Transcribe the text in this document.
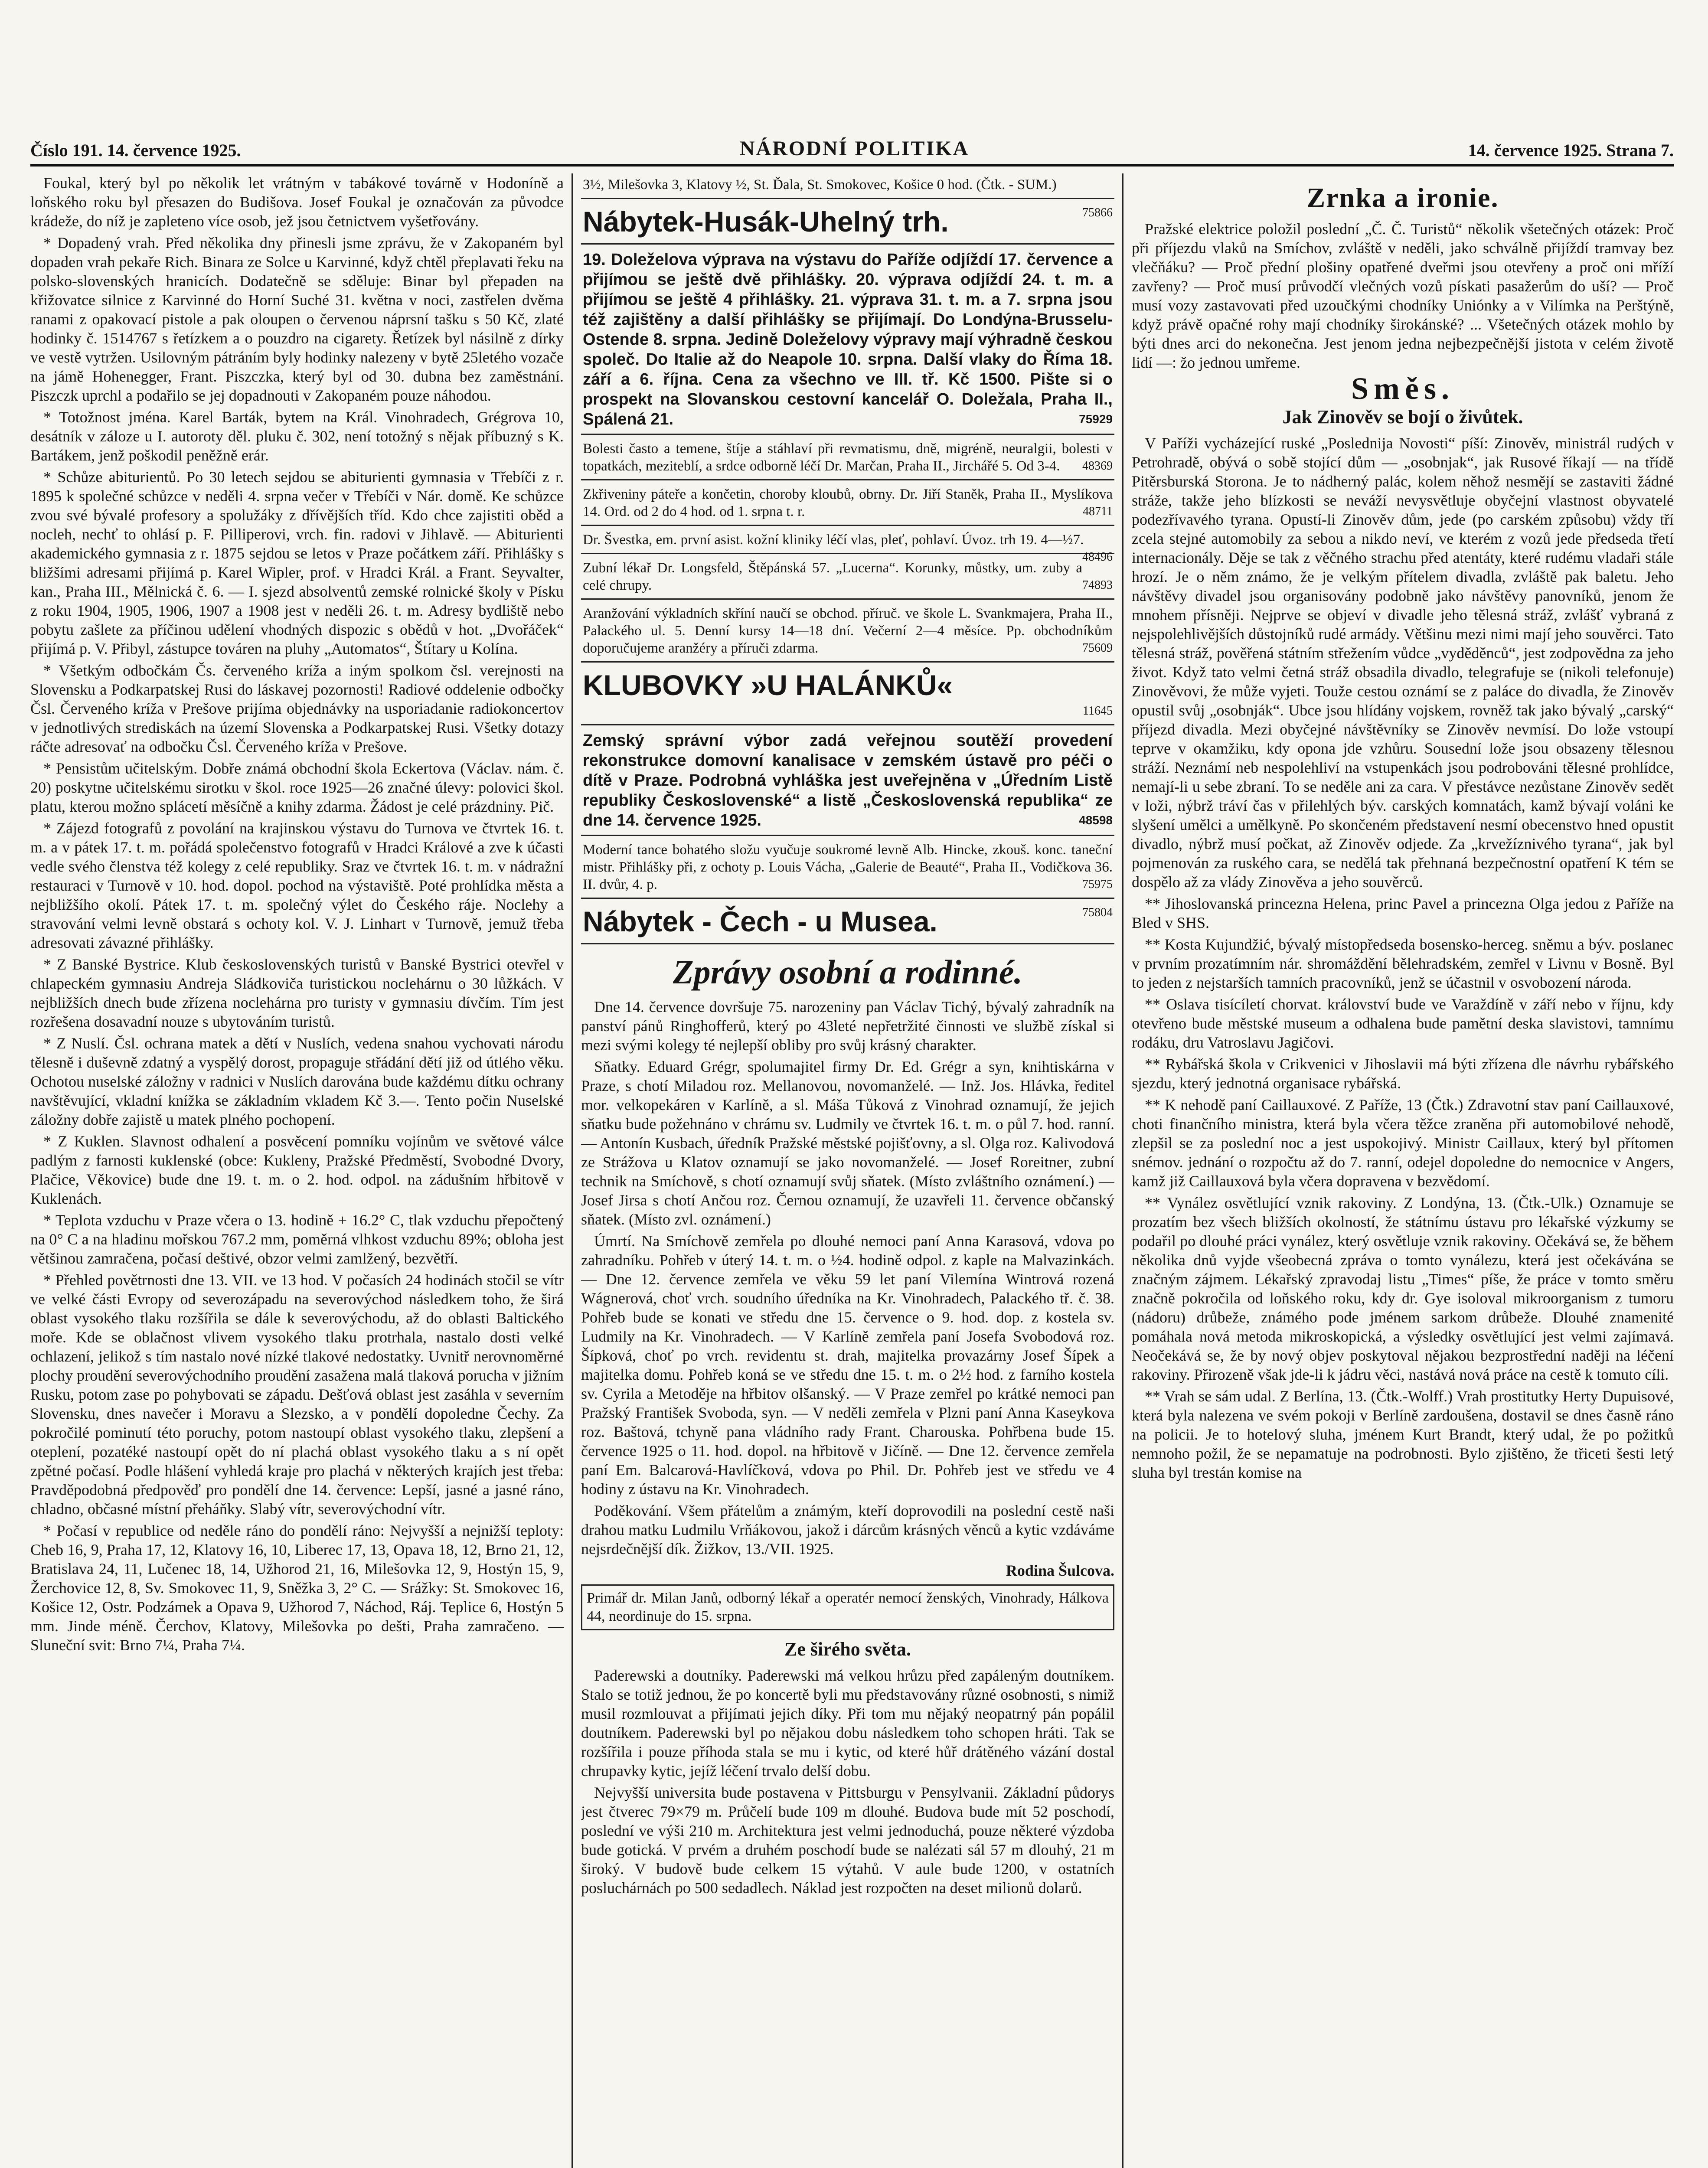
Číslo 191. 14. července 1925.	NÁRODNÍ POLITIKA	14. července 1925. Strana 7.

Foukal, který byl po několik let vrátným v tabákové továrně v Hodoníně a loňského roku byl přesazen do Budišova. Josef Foukal je označován za původce krádeže, do níž je zapleteno více osob, jež jsou četnictvem vyšetřovány.

* Dopadený vrah. Před několika dny přinesli jsme zprávu, že v Zakopaném byl dopaden vrah pekaře Rich. Binara ze Solce u Karvinné, když chtěl přeplavati řeku na polsko-slovenských hranicích. Dodatečně se sděluje: Binar byl přepaden na křižovatce silnice z Karvinné do Horní Suché 31. května v noci, zastřelen dvěma ranami z opakovací pistole a pak oloupen o červenou náprsní tašku s 50 Kč, zlaté hodinky č. 1514767 s řetízkem a o pouzdro na cigarety. Řetízek byl násilně z dírky ve vestě vytržen. Usilovným pátráním byly hodinky nalezeny v bytě 25letého vozače na jámě Hohenegger, Frant. Piszczka, který byl od 30. dubna bez zaměstnání. Piszczk uprchl a podařilo se jej dopadnouti v Zakopaném pouze náhodou.

* Totožnost jména. Karel Barták, bytem na Král. Vinohradech, Grégrova 10, desátník v záloze u I. autoroty děl. pluku č. 302, není totožný s nějak příbuzný s K. Bartákem, jenž poškodil peněžně erár.

* Schůze abiturientů. Po 30 letech sejdou se abiturienti gymnasia v Třebíči z r. 1895 k společné schůzce v neděli 4. srpna večer v Třebíči v Nár. domě. Ke schůzce zvou své bývalé profesory a spolužáky z dřívějších tříd. Kdo chce zajistiti oběd a nocleh, nechť to ohlásí p. F. Pilliperovi, vrch. fin. radovi v Jihlavě. — Abiturienti akademického gymnasia z r. 1875 sejdou se letos v Praze počátkem září. Přihlášky s bližšími adresami přijímá p. Karel Wipler, prof. v Hradci Král. a Frant. Seyvalter, kan., Praha III., Mělnická č. 6. — I. sjezd absolventů zemské rolnické školy v Písku z roku 1904, 1905, 1906, 1907 a 1908 jest v neděli 26. t. m. Adresy bydliště nebo pobytu zašlete za příčinou udělení vhodných dispozic s obědů v hot. „Dvořáček“ přijímá p. V. Přibyl, zástupce továren na pluhy „Automatos“, Štítary u Kolína.

* Všetkým odbočkám Čs. červeného kríža a iným spolkom čsl. verejnosti na Slovensku a Podkarpatskej Rusi do láskavej pozornosti! Radiové oddelenie odbočky Čsl. Červeného kríža v Prešove prijíma objednávky na usporiadanie radiokoncertov v jednotlivých strediskách na území Slovenska a Podkarpatskej Rusi. Všetky dotazy ráčte adresovať na odbočku Čsl. Červeného kríža v Prešove.

* Pensistům učitelským. Dobře známá obchodní škola Eckertova (Václav. nám. č. 20) poskytne učitelskému sirotku v škol. roce 1925—26 značné úlevy: polovici škol. platu, kterou možno splácetí měsíčně a knihy zdarma. Žádost je celé prázdniny. Pič.

* Zájezd fotografů z povolání na krajinskou výstavu do Turnova ve čtvrtek 16. t. m. a v pátek 17. t. m. pořádá společenstvo fotografů v Hradci Králové a zve k účasti vedle svého členstva též kolegy z celé republiky. Sraz ve čtvrtek 16. t. m. v nádražní restauraci v Turnově v 10. hod. dopol. pochod na výstaviště. Poté prohlídka města a nejbližšího okolí. Pátek 17. t. m. společný výlet do Českého ráje. Noclehy a stravování velmi levně obstará s ochoty kol. V. J. Linhart v Turnově, jemuž třeba adresovati závazné přihlášky.

* Z Banské Bystrice. Klub československých turistů v Banské Bystrici otevřel v chlapeckém gymnasiu Andreja Sládkoviča turistickou noclehárnu o 30 lůžkách. V nejbližších dnech bude zřízena noclehárna pro turisty v gymnasiu dívčím. Tím jest rozřešena dosavadní nouze s ubytováním turistů.

* Z Nuslí. Čsl. ochrana matek a dětí v Nuslích, vedena snahou vychovati národu tělesně i duševně zdatný a vyspělý dorost, propaguje střádání dětí již od útlého věku. Ochotou nuselské záložny v radnici v Nuslích darována bude každému dítku ochrany navštěvující, vkladní knížka se základním vkladem Kč 3.—. Tento počin Nuselské záložny dobře zajistě u matek plného pochopení.

* Z Kuklen. Slavnost odhalení a posvěcení pomníku vojínům ve světové válce padlým z farnosti kuklenské (obce: Kukleny, Pražské Předměstí, Svobodné Dvory, Plačice, Věkovice) bude dne 19. t. m. o 2. hod. odpol. na zádušním hřbitově v Kuklenách.

* Teplota vzduchu v Praze včera o 13. hodině + 16.2° C, tlak vzduchu přepočtený na 0° C a na hladinu mořskou 767.2 mm, poměrná vlhkost vzduchu 89%; obloha jest většinou zamračena, počasí deštivé, obzor velmi zamlžený, bezvětří.

* Přehled povětrnosti dne 13. VII. ve 13 hod. V počasích 24 hodinách stočil se vítr ve velké části Evropy od severozápadu na severovýchod následkem toho, že širá oblast vysokého tlaku rozšířila se dále k severovýchodu, až do oblasti Baltického moře. Kde se oblačnost vlivem vysokého tlaku protrhala, nastalo dosti velké ochlazení, jelikož s tím nastalo nové nízké tlakové nedostatky. Uvnitř nerovnoměrné plochy proudění severovýchodního proudění zasažena malá tlaková porucha v jižním Rusku, potom zase po pohybovati se západu. Dešťová oblast jest zasáhla v severním Slovensku, dnes navečer i Moravu a Slezsko, a v pondělí dopoledne Čechy. Za pokročilé pominutí této poruchy, potom nastoupí oblast vysokého tlaku, zlepšení a oteplení, pozatéké nastoupí opět do ní plachá oblast vysokého tlaku a s ní opět zpětné počasí. Podle hlášení vyhledá kraje pro plachá v některých krajích jest třeba: Pravděpodobná předpověď pro pondělí dne 14. července: Lepší, jasné a jasné ráno, chladno, občasné místní přeháňky. Slabý vítr, severovýchodní vítr.

* Počasí v republice od neděle ráno do pondělí ráno: Nejvyšší a nejnižší teploty: Cheb 16, 9, Praha 17, 12, Klatovy 16, 10, Liberec 17, 13, Opava 18, 12, Brno 21, 12, Bratislava 24, 11, Lučenec 18, 14, Užhorod 21, 16, Milešovka 12, 9, Hostýn 15, 9, Žerchovice 12, 8, Sv. Smokovec 11, 9, Sněžka 3, 2° C. — Srážky: St. Smokovec 16, Košice 12, Ostr. Podzámek a Opava 9, Užhorod 7, Náchod, Ráj. Teplice 6, Hostýn 5 mm. Jinde méně. Čerchov, Klatovy, Milešovka po dešti, Praha zamračeno. — Sluneční svit: Brno 7¼, Praha 7¼.

3½, Milešovka 3, Klatovy ½, St. Ďala, St. Smokovec, Košice 0 hod. (Čtk. - SUM.)
75866
Nábytek-Husák-Uhelný trh.
19. Doleželova výprava na výstavu do Paříže odjíždí 17. července a přijímou se ještě dvě přihlášky. 20. výprava odjíždí 24. t. m. a přijímou se ještě 4 přihlášky. 21. výprava 31. t. m. a 7. srpna jsou též zajištěny a další přihlášky se přijímají. Do Londýna-Brusselu-Ostende 8. srpna. Jedině Doleželovy výpravy mají výhradně českou společ. Do Italie až do Neapole 10. srpna. Další vlaky do Říma 18. září a 6. října. Cena za všechno ve III. tř. Kč 1500. Pište si o prospekt na Slovanskou cestovní kancelář O. Doležala, Praha II., Spálená 21.	75929
Bolesti často a temene, štíje a stáhlaví při revmatismu, dně, migréně, neuralgii, bolesti v topatkách, meziteblí, a srdce odborně léčí Dr. Marčan, Praha II., Jirchářé 5. Od 3-4. 48369
Zkřiveniny páteře a končetin, choroby kloubů, obrny. Dr. Jiří Staněk, Praha II., Myslíkova 14. Ord. od 2 do 4 hod. od 1. srpna t. r.	48711
Dr. Švestka, em. první asist. kožní kliniky léčí vlas, pleť, pohlaví. Úvoz. trh 19. 4—½7.
48496
Zubní lékař Dr. Longsfeld, Štěpánská 57. „Lucerna“. Korunky, můstky, um. zuby a celé chrupy.	74893
Aranžování výkladních skříní naučí se obchod. příruč. ve škole L. Svankmajera, Praha II., Palackého ul. 5. Denní kursy 14—18 dní. Večerní 2—4 měsíce. Pp. obchodníkům doporučujeme aranžéry a příruči zdarma.	75609
KLUBOVKY »U HALÁNKŮ«
11645
Zemský správní výbor zadá veřejnou soutěží provedení rekonstrukce domovní kanalisace v zemském ústavě pro péči o dítě v Praze. Podrobná vyhláška jest uveřejněna v „Úředním Listě republiky Československé“ a listě „Československá republika“ ze dne 14. července 1925.	48598
Moderní tance bohatého složu vyučuje soukromé levně Alb. Hincke, zkouš. konc. taneční mistr. Přihlášky při, z ochoty p. Louis Vácha, „Galerie de Beauté“, Praha II., Vodičkova 36. II. dvůr, 4. p.	75975
75804
Nábytek - Čech - u Musea.
Zprávy osobní a rodinné.

Dne 14. července dovršuje 75. narozeniny pan Václav Tichý, bývalý zahradník na panství pánů Ringhofferů, který po 43leté nepřetržité činnosti ve službě získal si mezi svými kolegy té nejlepší obliby pro svůj krásný charakter.

Sňatky. Eduard Grégr, spolumajitel firmy Dr. Ed. Grégr a syn, knihtiskárna v Praze, s chotí Miladou roz. Mellanovou, novomanželé. — Inž. Jos. Hlávka, ředitel mor. velkopekáren v Karlíně, a sl. Máša Tůková z Vinohrad oznamují, že jejich sňatku bude požehnáno v chrámu sv. Ludmily ve čtvrtek 16. t. m. o půl 7. hod. ranní. — Antonín Kusbach, úředník Pražské městské pojišťovny, a sl. Olga roz. Kalivodová ze Strážova u Klatov oznamují se jako novomanželé. — Josef Roreitner, zubní technik na Smíchově, s chotí oznamují svůj sňatek. (Místo zvláštního oznámení.) — Josef Jirsa s chotí Ančou roz. Černou oznamují, že uzavřeli 11. července občanský sňatek. (Místo zvl. oznámení.)

Úmrtí. Na Smíchově zemřela po dlouhé nemoci paní Anna Karasová, vdova po zahradníku. Pohřeb v úterý 14. t. m. o ½4. hodině odpol. z kaple na Malvazinkách. — Dne 12. července zemřela ve věku 59 let paní Vilemína Wintrová rozená Wágnerová, choť vrch. soudního úředníka na Kr. Vinohradech, Palackého tř. č. 38. Pohřeb bude se konati ve středu dne 15. července o 9. hod. dop. z kostela sv. Ludmily na Kr. Vinohradech. — V Karlíně zemřela paní Josefa Svobodová roz. Šípková, choť po vrch. revidentu st. drah, majitelka provazárny Josef Šípek a majitelka domu. Pohřeb koná se ve středu dne 15. t. m. o 2½ hod. z farního kostela sv. Cyrila a Metoděje na hřbitov olšanský. — V Praze zemřel po krátké nemoci pan Pražský František Svoboda, syn. — V neděli zemřela v Plzni paní Anna Kaseykova roz. Baštová, tchyně pana vládního rady Frant. Charouska. Pohřbena bude 15. července 1925 o 11. hod. dopol. na hřbitově v Jičíně. — Dne 12. července zemřela paní Em. Balcarová-Havlíčková, vdova po Phil. Dr. Pohřeb jest ve středu ve 4 hodiny z ústavu na Kr. Vinohradech.

Poděkování. Všem přátelům a známým, kteří doprovodili na poslední cestě naši drahou matku Ludmilu Vrňákovou, jakož i dárcům krásných věnců a kytic vzdáváme nejsrdečnější dík. Žižkov, 13./VII. 1925.

Rodina Šulcova.
Primář dr. Milan Janů, odborný lékař a operatér nemocí ženských, Vinohrady, Hálkova 44, neordinuje do 15. srpna.
Ze širého světa.

Paderewski a doutníky. Paderewski má velkou hrůzu před zapáleným doutníkem. Stalo se totiž jednou, že po koncertě byli mu představovány různé osobnosti, s nimiž musil rozmlouvat a přijímati jejich díky. Při tom mu nějaký neopatrný pán popálil doutníkem. Paderewski byl po nějakou dobu následkem toho schopen hráti. Tak se rozšířila i pouze příhoda stala se mu i kytic, od které hůř drátěného vázání dostal chrupavky kytic, jejíž léčení trvalo delší dobu.

Nejvyšší universita bude postavena v Pittsburgu v Pensylvanii. Základní půdorys jest čtverec 79×79 m. Průčelí bude 109 m dlouhé. Budova bude mít 52 poschodí, poslední ve výši 210 m. Architektura jest velmi jednoduchá, pouze některé výzdoba bude gotická. V prvém a druhém poschodí bude se nalézati sál 57 m dlouhý, 21 m široký. V budově bude celkem 15 výtahů. V aule bude 1200, v ostatních posluchárnách po 500 sedadlech. Náklad jest rozpočten na deset milionů dolarů.

Zrnka a ironie.

Pražské elektrice položil poslední „Č. Č. Turistů“ několik všetečných otázek: Proč při příjezdu vlaků na Smíchov, zvláště v neděli, jako schválně přijíždí tramvay bez vlečňáku? — Proč přední plošiny opatřené dveřmi jsou otevřeny a proč oni mříží zavřeny? — Proč musí průvodčí vlečných vozů pískati pasažerům do uší? — Proč musí vozy zastavovati před uzoučkými chodníky Uniónky a v Vilímka na Perštýně, když právě opačné rohy mají chodníky širokánské? ... Všetečných otázek mohlo by býti dnes arci do nekonečna. Jest jenom jedna nejbezpečnější jistota v celém životě lidí —: žo jednou umřeme.

Směs.
Jak Zinověv se bojí o živůtek.

V Paříži vycházející ruské „Poslednija Novosti“ píší: Zinověv, ministrál rudých v Petrohradě, obývá o sobě stojící dům — „osobnjak“, jak Rusové říkají — na třídě Pitěrsburská Storona. Je to nádherný palác, kolem něhož nesmějí se zastaviti žádné stráže, takže jeho blízkosti se neváží nevysvětluje obyčejní vlastnost obyvatelé podezřívavého tyrana. Opustí-li Zinověv dům, jede (po carském způsobu) vždy tří zcela stejné automobily za sebou a nikdo neví, ve kterém z vozů jede předseda třetí internacionály. Děje se tak z věčného strachu před atentáty, které rudému vladaři stále hrozí. Je o něm známo, že je velkým přítelem divadla, zvláště pak baletu. Jeho návštěvy divadel jsou organisovány podobně jako návštěvy panovníků, jenom že mnohem přísněji. Nejprve se objeví v divadle jeho tělesná stráž, zvlášť vybraná z nejspolehlivějších důstojníků rudé armády. Většinu mezi nimi mají jeho souvěrci. Tato tělesná stráž, pověřená státním střežením vůdce „vyděděnců“, jest zodpovědna za jeho život. Když tato velmi četná stráž obsadila divadlo, telegrafuje se (nikoli telefonuje) Zinověvovi, že může vyjeti. Touže cestou oznámí se z paláce do divadla, že Zinověv opustil svůj „osobnják“. Ubce jsou hlídány vojskem, rovněž tak jako bývalý „carský“ příjezd divadla. Mezi obyčejné návštěvníky se Zinověv nevmísí. Do lože vstoupí teprve v okamžiku, kdy opona jde vzhůru. Sousední lože jsou obsazeny tělesnou stráží. Neznámí neb nespolehliví na vstupenkách jsou podrobováni tělesné prohlídce, nemají-li u sebe zbraní. To se neděle ani za cara. V přestávce nezůstane Zinověv sedět v loži, nýbrž tráví čas v přilehlých býv. carských komnatách, kamž bývají voláni ke slyšení umělci a umělkyně. Po skončeném představení nesmí obecenstvo hned opustit divadlo, nýbrž musí počkat, až Zinověv odjede. Za „krvežíznivého tyrana“, jak byl pojmenován za ruského cara, se nedělá tak přehnaná bezpečnostní opatření K tém se dospělo až za vlády Zinověva a jeho souvěrců.

** Jihoslovanská princezna Helena, princ Pavel a princezna Olga jedou z Paříže na Bled v SHS.

** Kosta Kujundžić, bývalý místopředseda bosensko-herceg. sněmu a býv. poslanec v prvním prozatímním nár. shromáždění bělehradském, zemřel v Livnu v Bosně. Byl to jeden z nejstarších tamních pracovníků, jenž se účastnil v osvobození národa.

** Oslava tisícíletí chorvat. království bude ve Varaždíně v září nebo v říjnu, kdy otevřeno bude městské museum a odhalena bude pamětní deska slavistovi, tamnímu rodáku, dru Vatroslavu Jagičovi.

** Rybářská škola v Crikvenici v Jihoslavii má býti zřízena dle návrhu rybářského sjezdu, který jednotná organisace rybářská.

** K nehodě paní Caillauxové. Z Paříže, 13 (Čtk.) Zdravotní stav paní Caillauxové, choti finančního ministra, která byla včera těžce zraněna při automobilové nehodě, zlepšil se za poslední noc a jest uspokojivý. Ministr Caillaux, který byl přítomen snémov. jednání o rozpočtu až do 7. ranní, odejel dopoledne do nemocnice v Angers, kamž již Caillauxová byla včera dopravena v bezvědomí.

** Vynález osvětlující vznik rakoviny. Z Londýna, 13. (Čtk.-Ulk.) Oznamuje se prozatím bez všech bližších okolností, že státnímu ústavu pro lékařské výzkumy se podařil po dlouhé práci vynález, který osvětluje vznik rakoviny. Očekává se, že během několika dnů vyjde všeobecná zpráva o tomto vynálezu, která jest očekávána se značným zájmem. Lékařský zpravodaj listu „Times“ píše, že práce v tomto směru značně pokročila od loňského roku, kdy dr. Gye isoloval mikroorganism z tumoru (nádoru) drůbeže, známého pode jménem sarkom drůbeže. Dlouhé znamenité pomáhala nová metoda mikroskopická, a výsledky osvětlující jest velmi zajímavá. Neočekává se, že by nový objev poskytoval nějakou bezprostřední naději na léčení rakoviny. Přirozeně však jde-li k jádru věci, nastává nová práce na cestě k tomuto cíli.

** Vrah se sám udal. Z Berlína, 13. (Čtk.-Wolff.) Vrah prostitutky Herty Dupuisové, která byla nalezena ve svém pokoji v Berlíně zardoušena, dostavil se dnes časně ráno na policii. Je to hotelový sluha, jménem Kurt Brandt, který udal, že po požitků nemnoho požil, že se nepamatuje na podrobnosti. Bylo zjištěno, že třiceti šesti letý sluha byl trestán komise na
